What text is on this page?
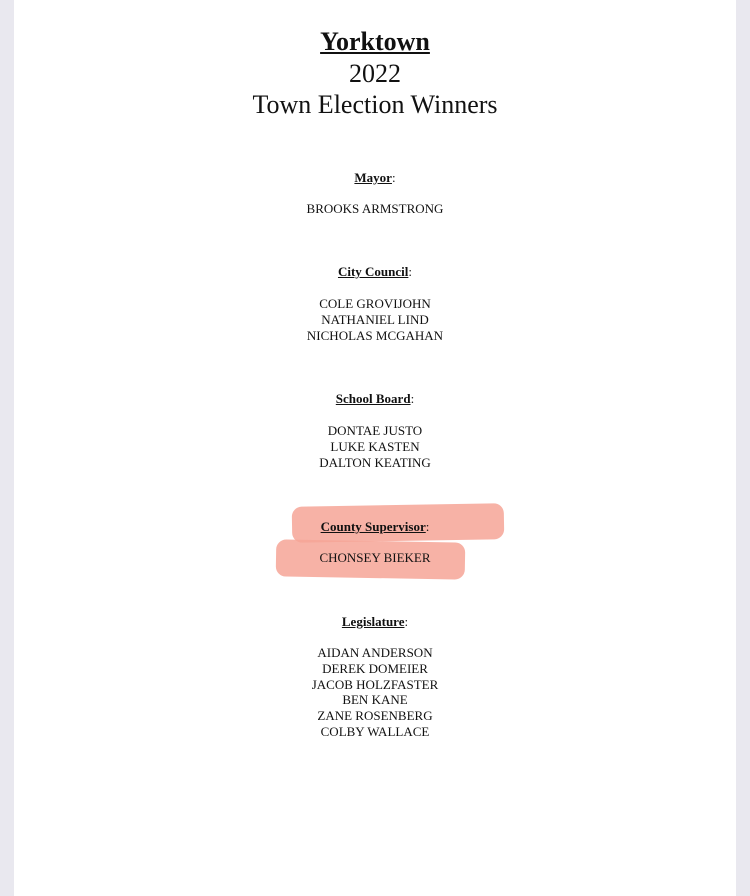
Yorktown
2022
Town Election Winners
Mayor:
BROOKS ARMSTRONG
City Council:
COLE GROVIJOHN
NATHANIEL LIND
NICHOLAS MCGAHAN
School Board:
DONTAE JUSTO
LUKE KASTEN
DALTON KEATING
County Supervisor:
CHONSEY BIEKER
Legislature:
AIDAN ANDERSON
DEREK DOMEIER
JACOB HOLZFASTER
BEN KANE
ZANE ROSENBERG
COLBY WALLACE
